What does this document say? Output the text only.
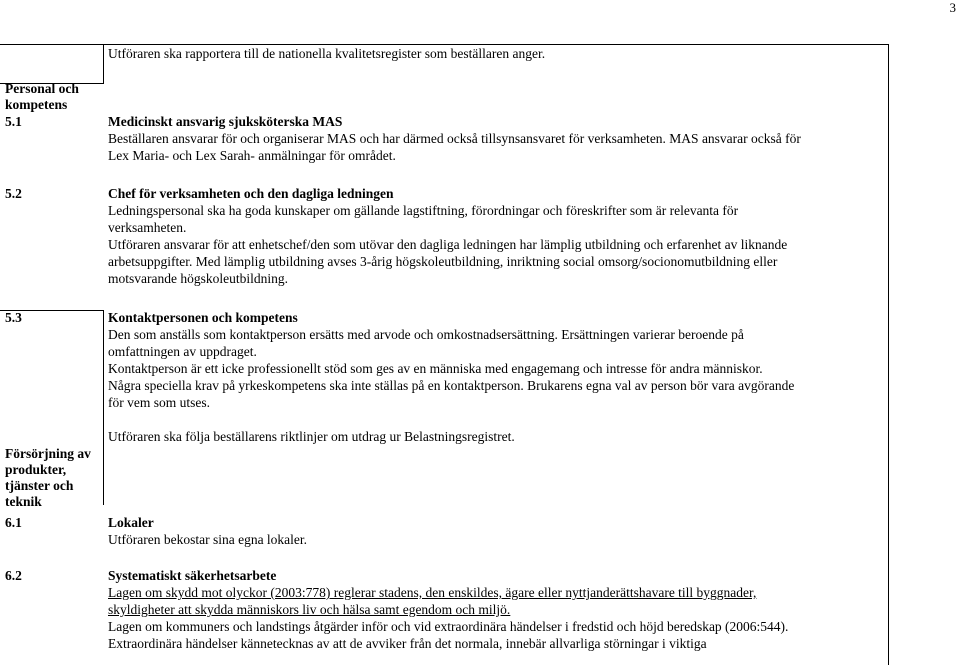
3
Utföraren ska rapportera till de nationella kvalitetsregister som beställaren anger.
Personal och
kompetens
5.1	Medicinskt ansvarig sjuksköterska MAS
Beställaren ansvarar för och organiserar MAS och har därmed också tillsynsansvaret för verksamheten. MAS ansvarar också för
Lex Maria- och Lex Sarah- anmälningar för området.
5.2	Chef för verksamheten och den dagliga ledningen
Ledningspersonal ska ha goda kunskaper om gällande lagstiftning, förordningar och föreskrifter som är relevanta för
verksamheten.
Utföraren ansvarar för att enhetschef/den som utövar den dagliga ledningen har lämplig utbildning och erfarenhet av liknande
arbetsuppgifter. Med lämplig utbildning avses 3-årig högskoleutbildning, inriktning social omsorg/socionomutbildning eller
motsvarande högskoleutbildning.
5.3	Kontaktpersonen och kompetens
Den som anställs som kontaktperson ersätts med arvode och omkostnadsersättning. Ersättningen varierar beroende på
omfattningen av uppdraget.
Kontaktperson är ett icke professionellt stöd som ges av en människa med engagemang och intresse för andra människor.
Några speciella krav på yrkeskompetens ska inte ställas på en kontaktperson. Brukarens egna val av person bör vara avgörande
för vem som utses.
Utföraren ska följa beställarens riktlinjer om utdrag ur Belastningsregistret.
Försörjning av
produkter,
tjänster och
teknik
6.1	Lokaler
Utföraren bekostar sina egna lokaler.
6.2	Systematiskt säkerhetsarbete
Lagen om skydd mot olyckor (2003:778) reglerar stadens, den enskildes, ägare eller nyttjanderättshavare till byggnader,
skyldigheter att skydda människors liv och hälsa samt egendom och miljö.
Lagen om kommuners och landstings åtgärder inför och vid extraordinära händelser i fredstid och höjd beredskap (2006:544).
Extraordinära händelser kännetecknas av att de avviker från det normala, innebär allvarliga störningar i viktiga
